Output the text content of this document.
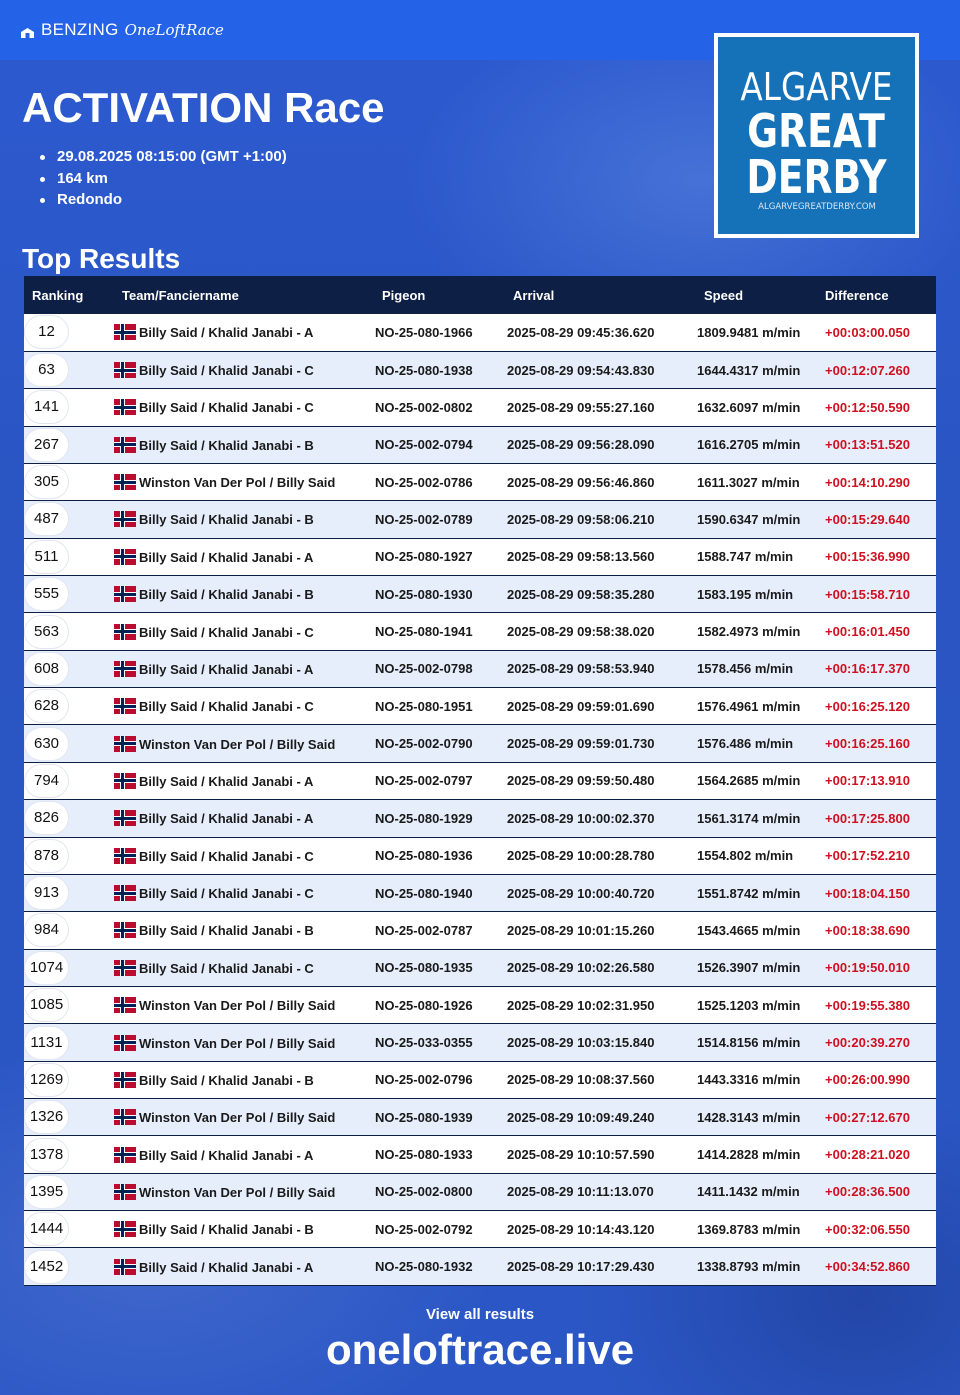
BENZING OneLoftRace
ACTIVATION Race
29.08.2025 08:15:00 (GMT +1:00)
164 km
Redondo
ALGARVE
GREAT
DERBY
ALGARVEGREATDERBY.COM
Top Results
Ranking	Team/Fanciername	Pigeon	Arrival	Speed	Difference
12	Billy Said / Khalid Janabi - A	NO-25-080-1966	2025-08-29 09:45:36.620	1809.9481 m/min	+00:03:00.050
63	Billy Said / Khalid Janabi - C	NO-25-080-1938	2025-08-29 09:54:43.830	1644.4317 m/min	+00:12:07.260
141	Billy Said / Khalid Janabi - C	NO-25-002-0802	2025-08-29 09:55:27.160	1632.6097 m/min	+00:12:50.590
267	Billy Said / Khalid Janabi - B	NO-25-002-0794	2025-08-29 09:56:28.090	1616.2705 m/min	+00:13:51.520
305	Winston Van Der Pol / Billy Said	NO-25-002-0786	2025-08-29 09:56:46.860	1611.3027 m/min	+00:14:10.290
487	Billy Said / Khalid Janabi - B	NO-25-002-0789	2025-08-29 09:58:06.210	1590.6347 m/min	+00:15:29.640
511	Billy Said / Khalid Janabi - A	NO-25-080-1927	2025-08-29 09:58:13.560	1588.747 m/min	+00:15:36.990
555	Billy Said / Khalid Janabi - B	NO-25-080-1930	2025-08-29 09:58:35.280	1583.195 m/min	+00:15:58.710
563	Billy Said / Khalid Janabi - C	NO-25-080-1941	2025-08-29 09:58:38.020	1582.4973 m/min	+00:16:01.450
608	Billy Said / Khalid Janabi - A	NO-25-002-0798	2025-08-29 09:58:53.940	1578.456 m/min	+00:16:17.370
628	Billy Said / Khalid Janabi - C	NO-25-080-1951	2025-08-29 09:59:01.690	1576.4961 m/min	+00:16:25.120
630	Winston Van Der Pol / Billy Said	NO-25-002-0790	2025-08-29 09:59:01.730	1576.486 m/min	+00:16:25.160
794	Billy Said / Khalid Janabi - A	NO-25-002-0797	2025-08-29 09:59:50.480	1564.2685 m/min	+00:17:13.910
826	Billy Said / Khalid Janabi - A	NO-25-080-1929	2025-08-29 10:00:02.370	1561.3174 m/min	+00:17:25.800
878	Billy Said / Khalid Janabi - C	NO-25-080-1936	2025-08-29 10:00:28.780	1554.802 m/min	+00:17:52.210
913	Billy Said / Khalid Janabi - C	NO-25-080-1940	2025-08-29 10:00:40.720	1551.8742 m/min	+00:18:04.150
984	Billy Said / Khalid Janabi - B	NO-25-002-0787	2025-08-29 10:01:15.260	1543.4665 m/min	+00:18:38.690
1074	Billy Said / Khalid Janabi - C	NO-25-080-1935	2025-08-29 10:02:26.580	1526.3907 m/min	+00:19:50.010
1085	Winston Van Der Pol / Billy Said	NO-25-080-1926	2025-08-29 10:02:31.950	1525.1203 m/min	+00:19:55.380
1131	Winston Van Der Pol / Billy Said	NO-25-033-0355	2025-08-29 10:03:15.840	1514.8156 m/min	+00:20:39.270
1269	Billy Said / Khalid Janabi - B	NO-25-002-0796	2025-08-29 10:08:37.560	1443.3316 m/min	+00:26:00.990
1326	Winston Van Der Pol / Billy Said	NO-25-080-1939	2025-08-29 10:09:49.240	1428.3143 m/min	+00:27:12.670
1378	Billy Said / Khalid Janabi - A	NO-25-080-1933	2025-08-29 10:10:57.590	1414.2828 m/min	+00:28:21.020
1395	Winston Van Der Pol / Billy Said	NO-25-002-0800	2025-08-29 10:11:13.070	1411.1432 m/min	+00:28:36.500
1444	Billy Said / Khalid Janabi - B	NO-25-002-0792	2025-08-29 10:14:43.120	1369.8783 m/min	+00:32:06.550
1452	Billy Said / Khalid Janabi - A	NO-25-080-1932	2025-08-29 10:17:29.430	1338.8793 m/min	+00:34:52.860
View all results
oneloftrace.live
